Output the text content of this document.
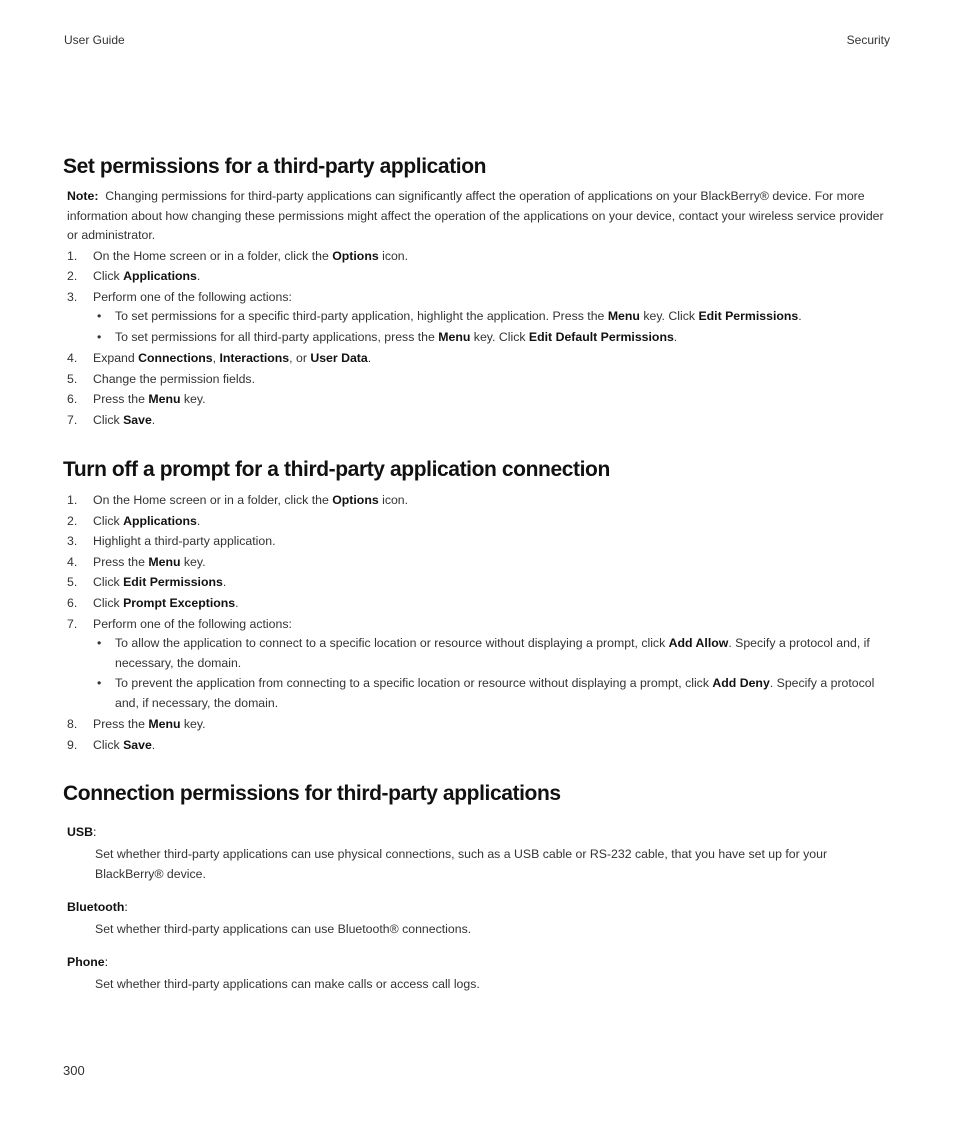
User Guide	Security
Set permissions for a third-party application

Note: Changing permissions for third-party applications can significantly affect the operation of applications on your BlackBerry® device. For more information about how changing these permissions might affect the operation of the applications on your device, contact your wireless service provider or administrator.

1. On the Home screen or in a folder, click the Options icon.
2. Click Applications.
3. Perform one of the following actions:
• To set permissions for a specific third-party application, highlight the application. Press the Menu key. Click Edit Permissions.
• To set permissions for all third-party applications, press the Menu key. Click Edit Default Permissions.
4. Expand Connections, Interactions, or User Data.
5. Change the permission fields.
6. Press the Menu key.
7. Click Save.
Turn off a prompt for a third-party application connection
1. On the Home screen or in a folder, click the Options icon.
2. Click Applications.
3. Highlight a third-party application.
4. Press the Menu key.
5. Click Edit Permissions.
6. Click Prompt Exceptions.
7. Perform one of the following actions:
• To allow the application to connect to a specific location or resource without displaying a prompt, click Add Allow. Specify a protocol and, if necessary, the domain.
• To prevent the application from connecting to a specific location or resource without displaying a prompt, click Add Deny. Specify a protocol and, if necessary, the domain.
8. Press the Menu key.
9. Click Save.
Connection permissions for third-party applications
USB:
Set whether third-party applications can use physical connections, such as a USB cable or RS-232 cable, that you have set up for your BlackBerry® device.
Bluetooth:
Set whether third-party applications can use Bluetooth® connections.
Phone:
Set whether third-party applications can make calls or access call logs.
300
